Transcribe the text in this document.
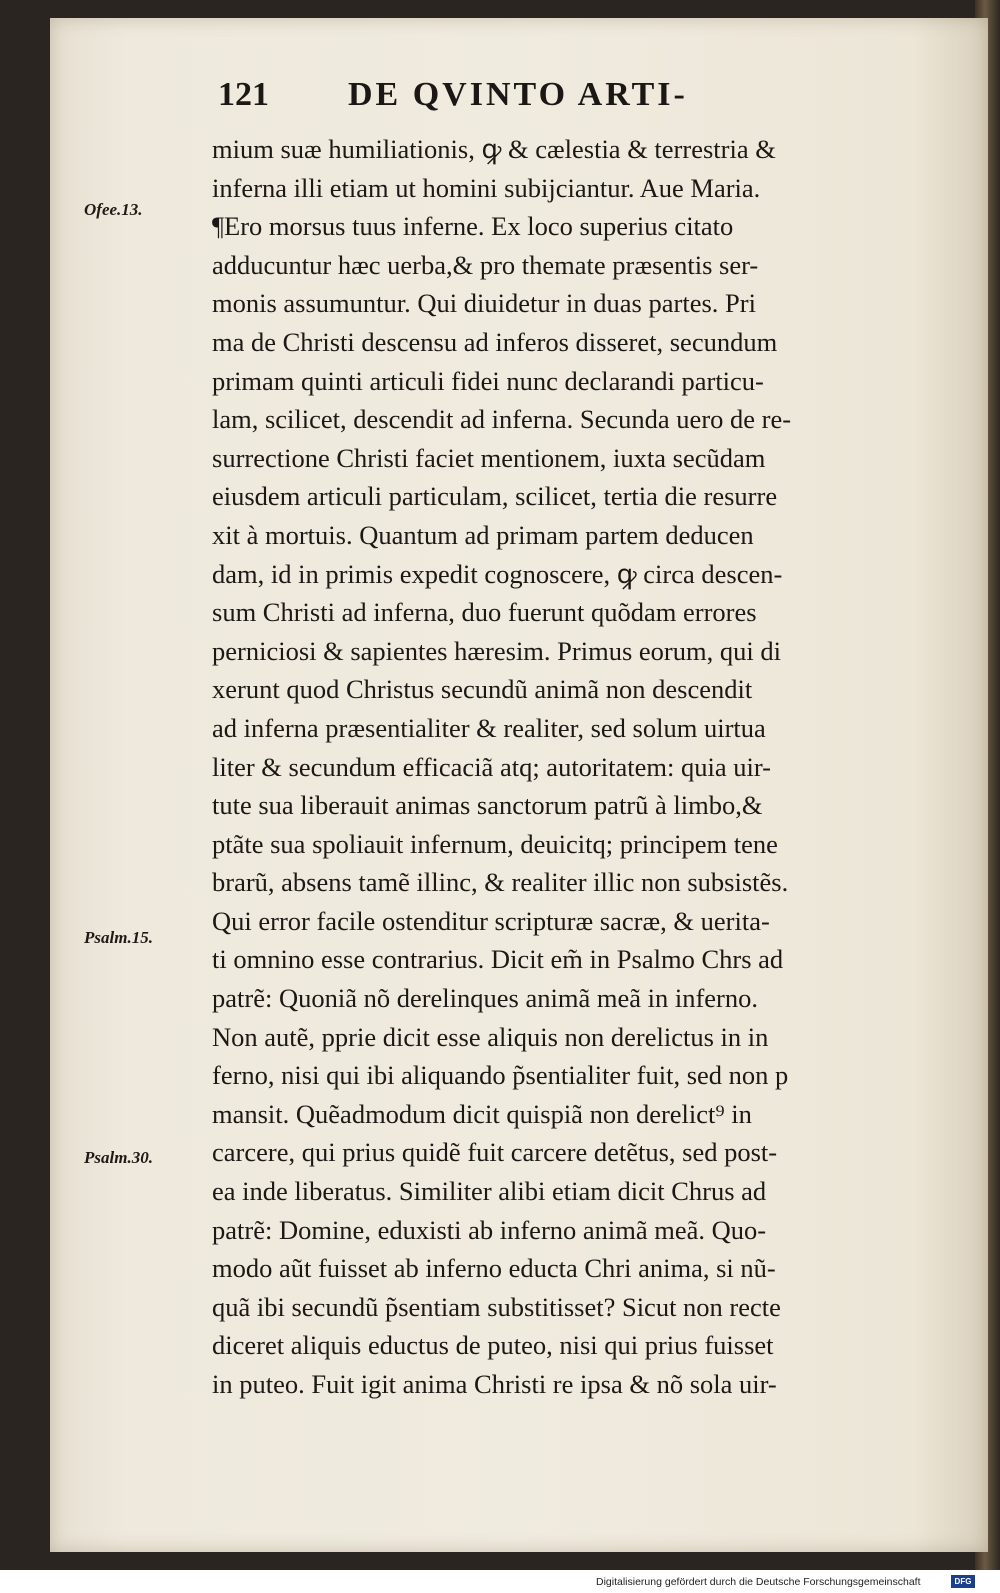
121 DE QVINTO ARTI-
Ofee.13.
Psalm.15.
Psalm.30.
mium suæ humiliationis, ꝙ & cælestia & terrestria &
inferna illi etiam ut homini subijciantur. Aue Maria.
¶Ero morsus tuus inferne. Ex loco superius citato
adducuntur hæc uerba,& pro themate præsentis ser-
monis assumuntur. Qui diuidetur in duas partes. Pri
ma de Christi descensu ad inferos disseret, secundum
primam quinti articuli fidei nunc declarandi particu-
lam, scilicet, descendit ad inferna. Secunda uero de re-
surrectione Christi faciet mentionem, iuxta secũdam
eiusdem articuli particulam, scilicet, tertia die resurre
xit à mortuis. Quantum ad primam partem deducen
dam, id in primis expedit cognoscere, ꝙ circa descen-
sum Christi ad inferna, duo fuerunt quõdam errores
perniciosi & sapientes hæresim. Primus eorum, qui di
xerunt quod Christus secundũ animã non descendit
ad inferna præsentialiter & realiter, sed solum uirtua
liter & secundum efficaciã atq; autoritatem: quia uir-
tute sua liberauit animas sanctorum patrũ à limbo,&
ptãte sua spoliauit infernum, deuicitq; principem tene
brarũ, absens tamẽ illinc, & realiter illic non subsistẽs.
Qui error facile ostenditur scripturæ sacræ, & uerita-
ti omnino esse contrarius. Dicit em̃ in Psalmo Chrs ad
patrẽ: Quoniã nõ derelinques animã meã in inferno.
Non autẽ, pprie dicit esse aliquis non derelictus in in
ferno, nisi qui ibi aliquando p̃sentialiter fuit, sed non p
mansit. Quẽadmodum dicit quispiã non derelict⁹ in
carcere, qui prius quidẽ fuit carcere detẽtus, sed post-
ea inde liberatus. Similiter alibi etiam dicit Chrus ad
patrẽ: Domine, eduxisti ab inferno animã meã. Quo-
modo aũt fuisset ab inferno educta Chri anima, si nũ-
quã ibi secundũ p̃sentiam substitisset? Sicut non recte
diceret aliquis eductus de puteo, nisi qui prius fuisset
in puteo. Fuit igit anima Christi re ipsa & nõ sola uir-
Digitalisierung gefördert durch die Deutsche Forschungsgemeinschaft	DFG
